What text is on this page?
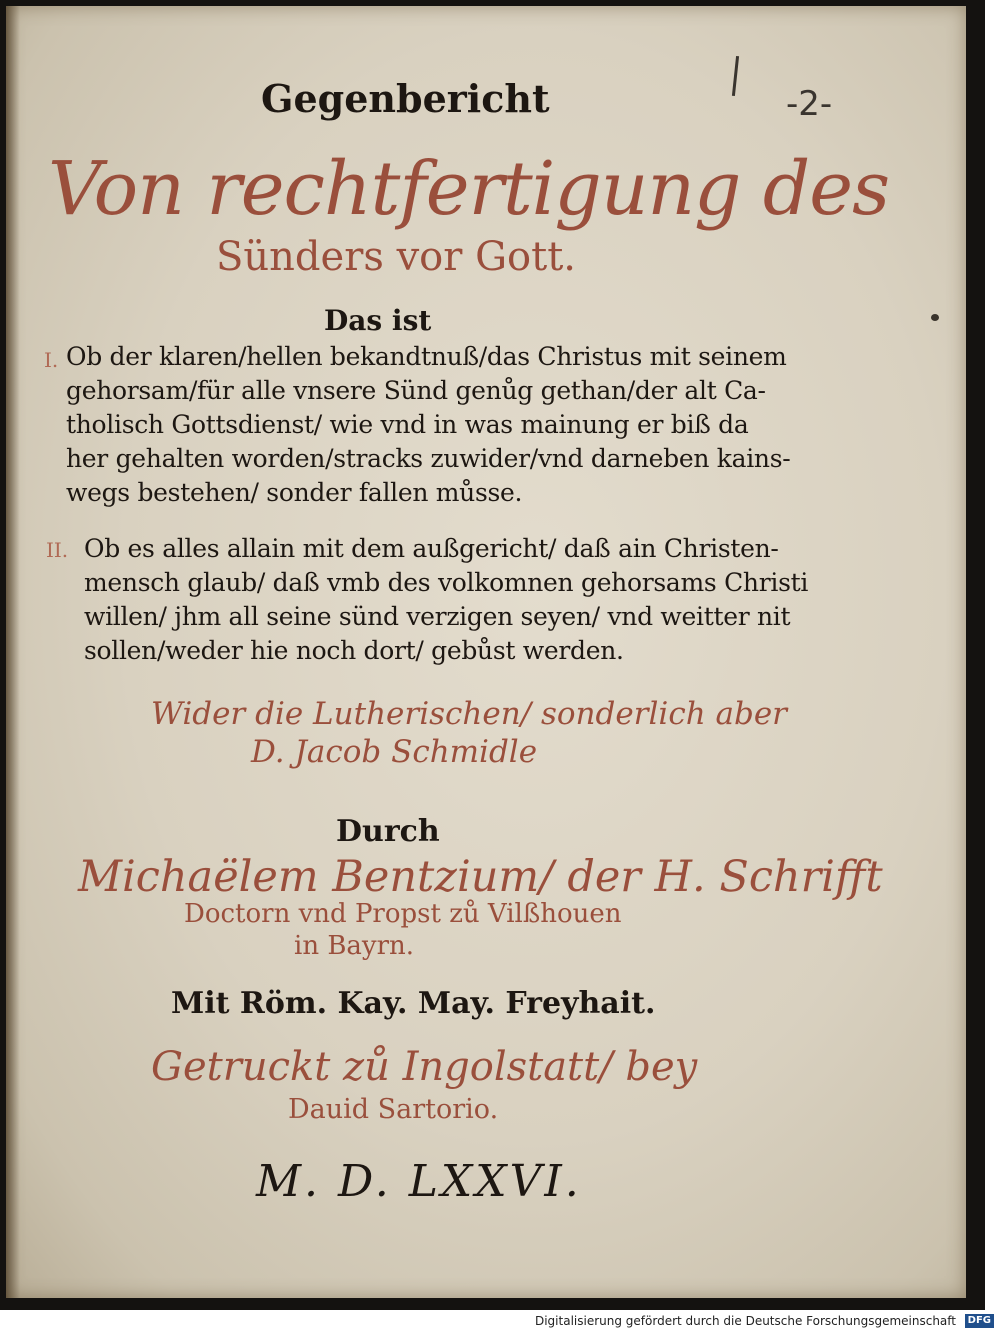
-2-

Gegenbericht

Von rechtfertigung des

Sünders vor Gott.

Das ist

I. Ob der klaren/hellen bekandtnuß/das Christus mit seinem

gehorsam/für alle vnsere Sünd genůg gethan/der alt Ca-

tholisch Gottsdienst/ wie vnd in was mainung er biß da

her gehalten worden/stracks zuwider/vnd darneben kains-

wegs bestehen/ sonder fallen můsse.

II. Ob es alles allain mit dem außgericht/ daß ain Christen-

mensch glaub/ daß vmb des volkomnen gehorsams Christi

willen/ jhm all seine sünd verzigen seyen/ vnd weitter nit

sollen/weder hie noch dort/ gebůst werden.

Wider die Lutherischen/ sonderlich aber

D. Jacob Schmidle

Durch

Michaëlem Bentzium/ der H. Schrifft

Doctorn vnd Propst zů Vilßhouen

in Bayrn.

Mit Röm. Kay. May. Freyhait.

Getruckt zů Ingolstatt/ bey

Dauid Sartorio.

M. D. LXXVI.

Digitalisierung gefördert durch die Deutsche Forschungsgemeinschaft	DFG
